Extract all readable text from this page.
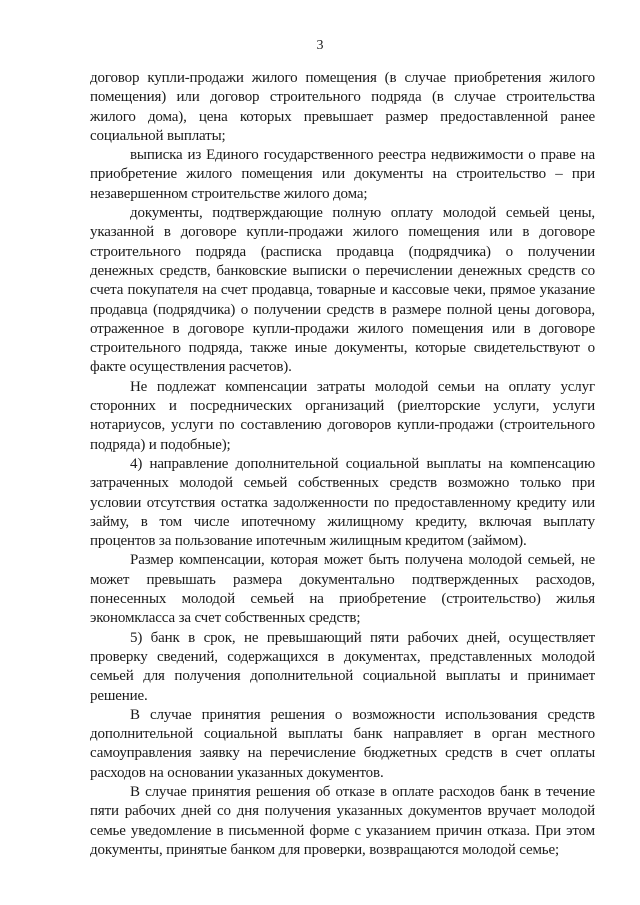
3

договор купли-продажи жилого помещения (в случае приобретения жилого помещения) или договор строительного подряда (в случае строительства жилого дома), цена которых превышает размер предоставленной ранее социальной выплаты;

выписка из Единого государственного реестра недвижимости о праве на приобретение жилого помещения или документы на строительство – при незавершенном строительстве жилого дома;

документы, подтверждающие полную оплату молодой семьей цены, указанной в договоре купли-продажи жилого помещения или в договоре строительного подряда (расписка продавца (подрядчика) о получении денежных средств, банковские выписки о перечислении денежных средств со счета покупателя на счет продавца, товарные и кассовые чеки, прямое указание продавца (подрядчика) о получении средств в размере полной цены договора, отраженное в договоре купли-продажи жилого помещения или в договоре строительного подряда, также иные документы, которые свидетельствуют о факте осуществления расчетов).

Не подлежат компенсации затраты молодой семьи на оплату услуг сторонних и посреднических организаций (риелторские услуги, услуги нотариусов, услуги по составлению договоров купли-продажи (строительного подряда) и подобные);

4) направление дополнительной социальной выплаты на компенсацию затраченных молодой семьей собственных средств возможно только при условии отсутствия остатка задолженности по предоставленному кредиту или займу, в том числе ипотечному жилищному кредиту, включая выплату процентов за пользование ипотечным жилищным кредитом (займом).

Размер компенсации, которая может быть получена молодой семьей, не может превышать размера документально подтвержденных расходов, понесенных молодой семьей на приобретение (строительство) жилья экономкласса за счет собственных средств;

5) банк в срок, не превышающий пяти рабочих дней, осуществляет проверку сведений, содержащихся в документах, представленных молодой семьей для получения дополнительной социальной выплаты и принимает решение.

В случае принятия решения о возможности использования средств дополнительной социальной выплаты банк направляет в орган местного самоуправления заявку на перечисление бюджетных средств в счет оплаты расходов на основании указанных документов.

В случае принятия решения об отказе в оплате расходов банк в течение пяти рабочих дней со дня получения указанных документов вручает молодой семье уведомление в письменной форме с указанием причин отказа. При этом документы, принятые банком для проверки, возвращаются молодой семье;
